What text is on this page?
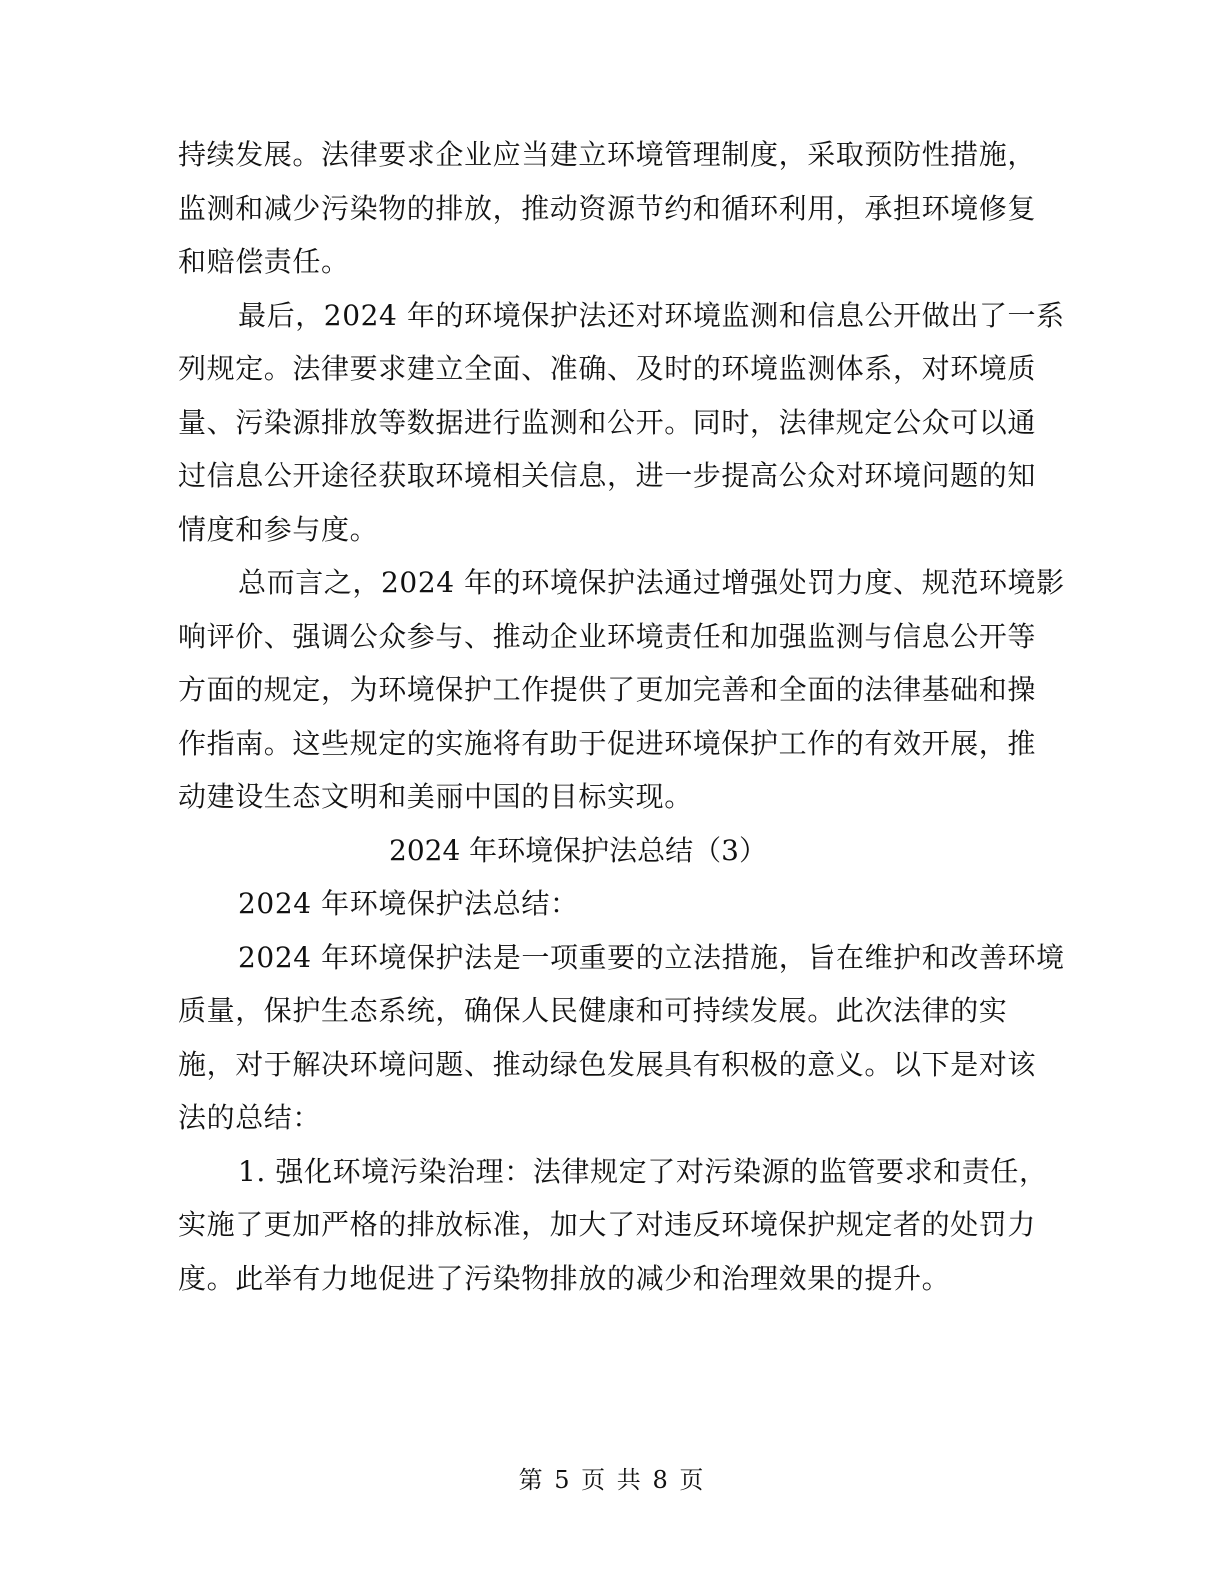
持续发展。法律要求企业应当建立环境管理制度，采取预防性措施，
监测和减少污染物的排放，推动资源节约和循环利用，承担环境修复
和赔偿责任。
最后，2024 年的环境保护法还对环境监测和信息公开做出了一系
列规定。法律要求建立全面、准确、及时的环境监测体系，对环境质
量、污染源排放等数据进行监测和公开。同时，法律规定公众可以通
过信息公开途径获取环境相关信息，进一步提高公众对环境问题的知
情度和参与度。
总而言之，2024 年的环境保护法通过增强处罚力度、规范环境影
响评价、强调公众参与、推动企业环境责任和加强监测与信息公开等
方面的规定，为环境保护工作提供了更加完善和全面的法律基础和操
作指南。这些规定的实施将有助于促进环境保护工作的有效开展，推
动建设生态文明和美丽中国的目标实现。
2024 年环境保护法总结（3）
2024 年环境保护法总结：
2024 年环境保护法是一项重要的立法措施，旨在维护和改善环境
质量，保护生态系统，确保人民健康和可持续发展。此次法律的实
施，对于解决环境问题、推动绿色发展具有积极的意义。以下是对该
法的总结：
1. 强化环境污染治理：法律规定了对污染源的监管要求和责任，
实施了更加严格的排放标准，加大了对违反环境保护规定者的处罚力
度。此举有力地促进了污染物排放的减少和治理效果的提升。
第 5 页 共 8 页
